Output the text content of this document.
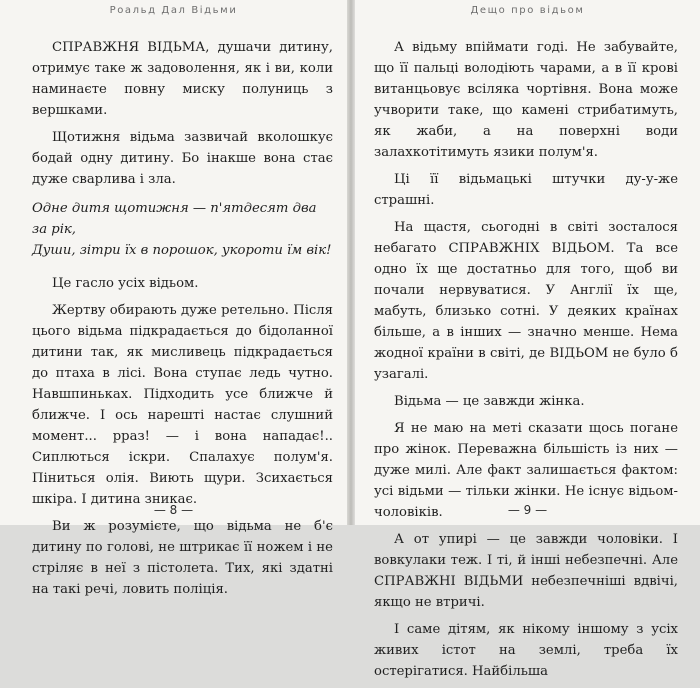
Роальд Дал Відьми

СПРАВЖНЯ ВІДЬМА, душачи дитину, отримує таке ж задоволення, як і ви, коли наминаєте повну миску полуниць з вершками.

Щотижня відьма зазвичай вколошкує бодай одну дитину. Бо інакше вона стає дуже сварлива і зла.

Одне дитя щотижня — п'ятдесят два за рік,
Души, зітри їх в порошок, укороти їм вік!

Це гасло усіх відьом.

Жертву обирають дуже ретельно. Після цього відьма підкрадається до бідоланної дитини так, як мисливець підкрадається до птаха в лісі. Вона ступає ледь чутно. Навшпиньках. Підходить усе ближче й ближче. І ось нарешті настає слушний момент... рраз! — і вона нападає!.. Сиплються іскри. Спалахує полум'я. Піниться олія. Виють щури. Зсихається шкіра. І дитина зникає.

Ви ж розумієте, що відьма не б'є дитину по голові, не штрикає її ножем і не стріляє в неї з пістолета. Тих, які здатні на такі речі, ловить поліція.

— 8 —
Дещо про відьом

А відьму впіймати годі. Не забувайте, що її пальці володіють чарами, а в її крові витанцьовує всіляка чортівня. Вона може учворити таке, що камені стрибатимуть, як жаби, а на поверхні води залахкотітимуть язики полум'я.

Ці її відьмацькі штучки ду-у-же страшні.

На щастя, сьогодні в світі зосталося небагато СПРАВЖНІХ ВІДЬОМ. Та все одно їх ще достатньо для того, щоб ви почали нервуватися. У Англії їх ще, мабуть, близько сотні. У деяких країнах більше, а в інших — значно менше. Нема жодної країни в світі, де ВІДЬОМ не було б узагалі.

Відьма — це завжди жінка.

Я не маю на меті сказати щось погане про жінок. Переважна більшість із них — дуже милі. Але факт залишається фактом: усі відьми — тільки жінки. Не існує відьом-чоловіків.

А от упирі — це завжди чоловіки. І вовкулаки теж. І ті, й інші небезпечні. Але СПРАВЖНІ ВІДЬМИ небезпечніші вдвічі, якщо не втричі.

І саме дітям, як нікому іншому з усіх живих істот на землі, треба їх остерігатися. Найбільша

— 9 —
